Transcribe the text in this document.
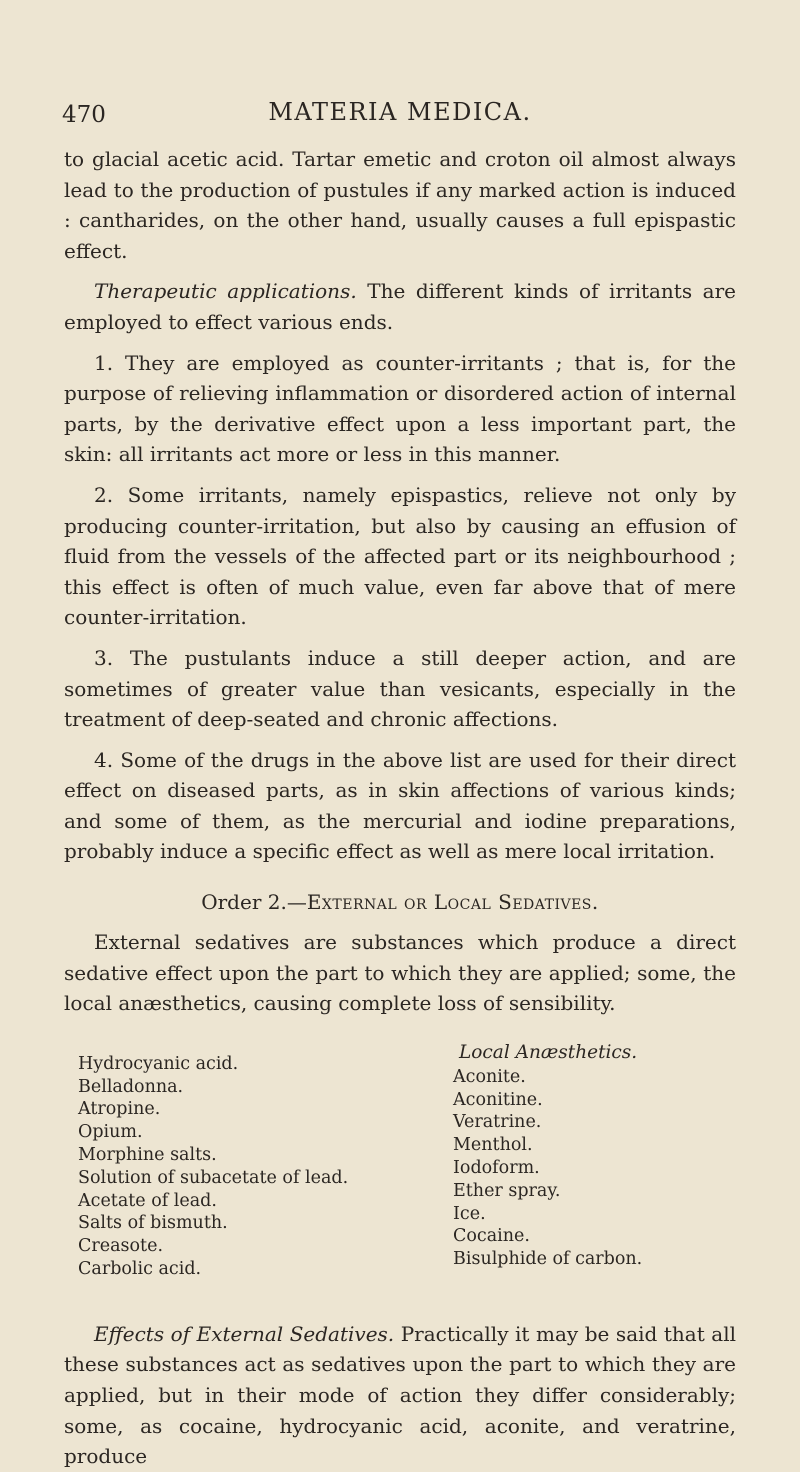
470	MATERIA MEDICA.

to glacial acetic acid. Tartar emetic and croton oil almost always lead to the production of pustules if any marked action is induced : cantharides, on the other hand, usually causes a full epispastic effect.

Therapeutic applications. The different kinds of irritants are employed to effect various ends.

1. They are employed as counter-irritants ; that is, for the purpose of relieving inflammation or disordered action of internal parts, by the derivative effect upon a less important part, the skin: all irritants act more or less in this manner.

2. Some irritants, namely epispastics, relieve not only by producing counter-irritation, but also by causing an effusion of fluid from the vessels of the affected part or its neighbourhood ; this effect is often of much value, even far above that of mere counter-irritation.

3. The pustulants induce a still deeper action, and are sometimes of greater value than vesicants, especially in the treatment of deep-seated and chronic affections.

4. Some of the drugs in the above list are used for their direct effect on diseased parts, as in skin affections of various kinds; and some of them, as the mercurial and iodine preparations, probably induce a specific effect as well as mere local irritation.

Order 2.—External or Local Sedatives.

External sedatives are substances which produce a direct sedative effect upon the part to which they are applied; some, the local anæsthetics, causing complete loss of sensibility.

Hydrocyanic acid.
Belladonna.
Atropine.
Opium.
Morphine salts.
Solution of subacetate of lead.
Acetate of lead.
Salts of bismuth.
Creasote.
Carbolic acid.
Local Anæsthetics.
Aconite.
Aconitine.
Veratrine.
Menthol.
Iodoform.
Ether spray.
Ice.
Cocaine.
Bisulphide of carbon.

Effects of External Sedatives. Practically it may be said that all these substances act as sedatives upon the part to which they are applied, but in their mode of action they differ considerably; some, as cocaine, hydrocyanic acid, aconite, and veratrine, produce
